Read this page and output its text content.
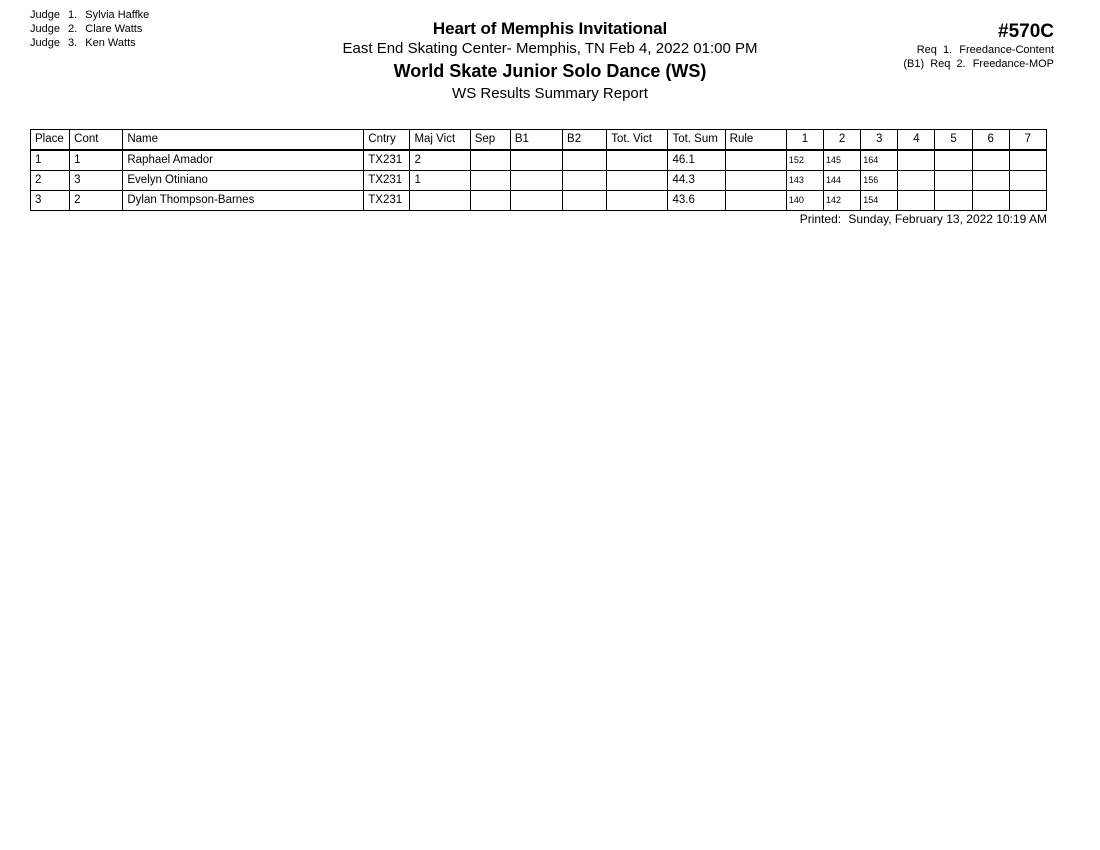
Judge 1. Sylvia Haffke
Judge 2. Clare Watts
Judge 3. Ken Watts
Heart of Memphis Invitational
East End Skating Center- Memphis, TN Feb 4, 2022 01:00 PM
World Skate Junior Solo Dance (WS)
WS Results Summary Report
#570C
Req 1. Freedance-Content
(B1) Req 2. Freedance-MOP
Place	Cont	Name	Cntry	Maj Vict	Sep	B1	B2	Tot. Vict	Tot. Sum	Rule	1	2	3	4	5	6	7
1	1	Raphael Amador	TX231	2					46.1		152	145	164				
2	3	Evelyn Otiniano	TX231	1					44.3		143	144	156				
3	2	Dylan Thompson-Barnes	TX231						43.6		140	142	154				
Printed: Sunday, February 13, 2022 10:19 AM
